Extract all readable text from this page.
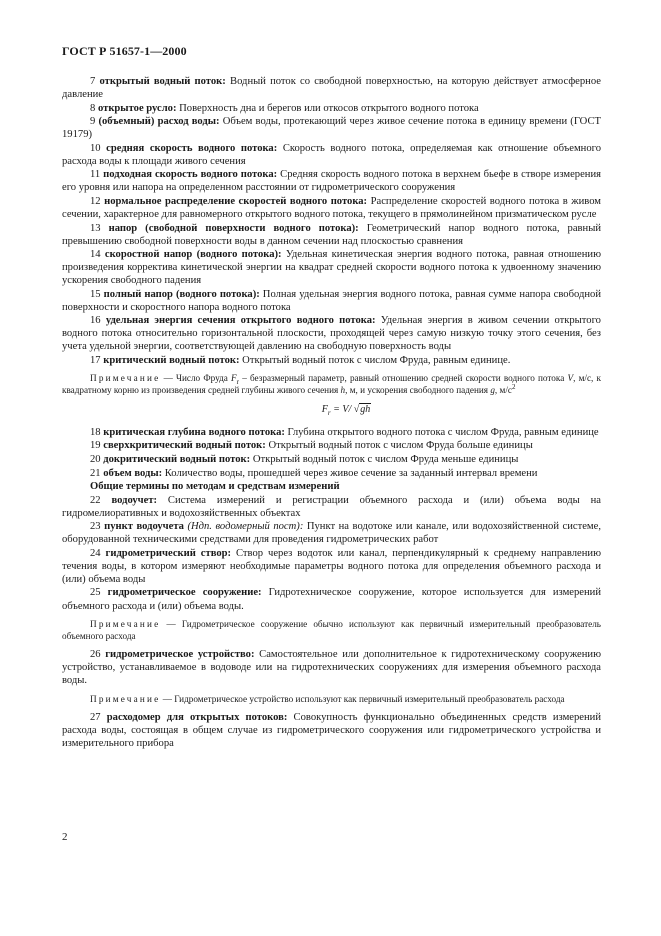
ГОСТ Р 51657-1—2000
7 открытый водный поток: Водный поток со свободной поверхностью, на которую действует атмосферное давление
8 открытое русло: Поверхность дна и берегов или откосов открытого водного потока
9 (объемный) расход воды: Объем воды, протекающий через живое сечение потока в единицу времени (ГОСТ 19179)
10 средняя скорость водного потока: Скорость водного потока, определяемая как отношение объемного расхода воды к площади живого сечения
11 подходная скорость водного потока: Средняя скорость водного потока в верхнем бьефе в створе измерения его уровня или напора на определенном расстоянии от гидрометрического сооружения
12 нормальное распределение скоростей водного потока: Распределение скоростей водного потока в живом сечении, характерное для равномерного открытого водного потока, текущего в прямолинейном призматическом русле
13 напор (свободной поверхности водного потока): Геометрический напор водного потока, равный превышению свободной поверхности воды в данном сечении над плоскостью сравнения
14 скоростной напор (водного потока): Удельная кинетическая энергия водного потока, равная отношению произведения корректива кинетической энергии на квадрат средней скорости водного потока к удвоенному значению ускорения свободного падения
15 полный напор (водного потока): Полная удельная энергия водного потока, равная сумме напора свободной поверхности и скоростного напора водного потока
16 удельная энергия сечения открытого водного потока: Удельная энергия в живом сечении открытого водного потока относительно горизонтальной плоскости, проходящей через самую низкую точку этого сечения, без учета удельной энергии, соответствующей давлению на свободную поверхность воды
17 критический водный поток: Открытый водный поток с числом Фруда, равным единице.
Примечание — Число Фруда $F_r$ – безразмерный параметр, равный отношению средней скорости водного потока V, м/с, к квадратному корню из произведения средней глубины живого сечения h, м, и ускорения свободного падения g, $м/с^2$
$F_r = V/$ √gh
18 критическая глубина водного потока: Глубина открытого водного потока с числом Фруда, равным единице
19 сверхкритический водный поток: Открытый водный поток с числом Фруда больше единицы
20 докритический водный поток: Открытый водный поток с числом Фруда меньше единицы
21 объем воды: Количество воды, прошедшей через живое сечение за заданный интервал времени
Общие термины по методам и средствам измерений
22 водоучет: Система измерений и регистрации объемного расхода и (или) объема воды на гидромелиоративных и водохозяйственных объектах
23 пункт водоучета (Ндп. водомерный пост): Пункт на водотоке или канале, или водохозяйственной системе, оборудованной техническими средствами для проведения гидрометрических работ
24 гидрометрический створ: Створ через водоток или канал, перпендикулярный к среднему направлению течения воды, в котором измеряют необходимые параметры водного потока для определения объемного расхода и (или) объема воды
25 гидрометрическое сооружение: Гидротехническое сооружение, которое используется для измерений объемного расхода и (или) объема воды.
Примечание — Гидрометрическое сооружение обычно используют как первичный измерительный преобразователь объемного расхода
26 гидрометрическое устройство: Самостоятельное или дополнительное к гидротехническому сооружению устройство, устанавливаемое в водоводе или на гидротехнических сооружениях для измерения объемного расхода воды.
Примечание — Гидрометрическое устройство используют как первичный измерительный преобразователь расхода
27 расходомер для открытых потоков: Совокупность функционально объединенных средств измерений расхода воды, состоящая в общем случае из гидрометрического сооружения или гидрометрического устройства и измерительного прибора
2
